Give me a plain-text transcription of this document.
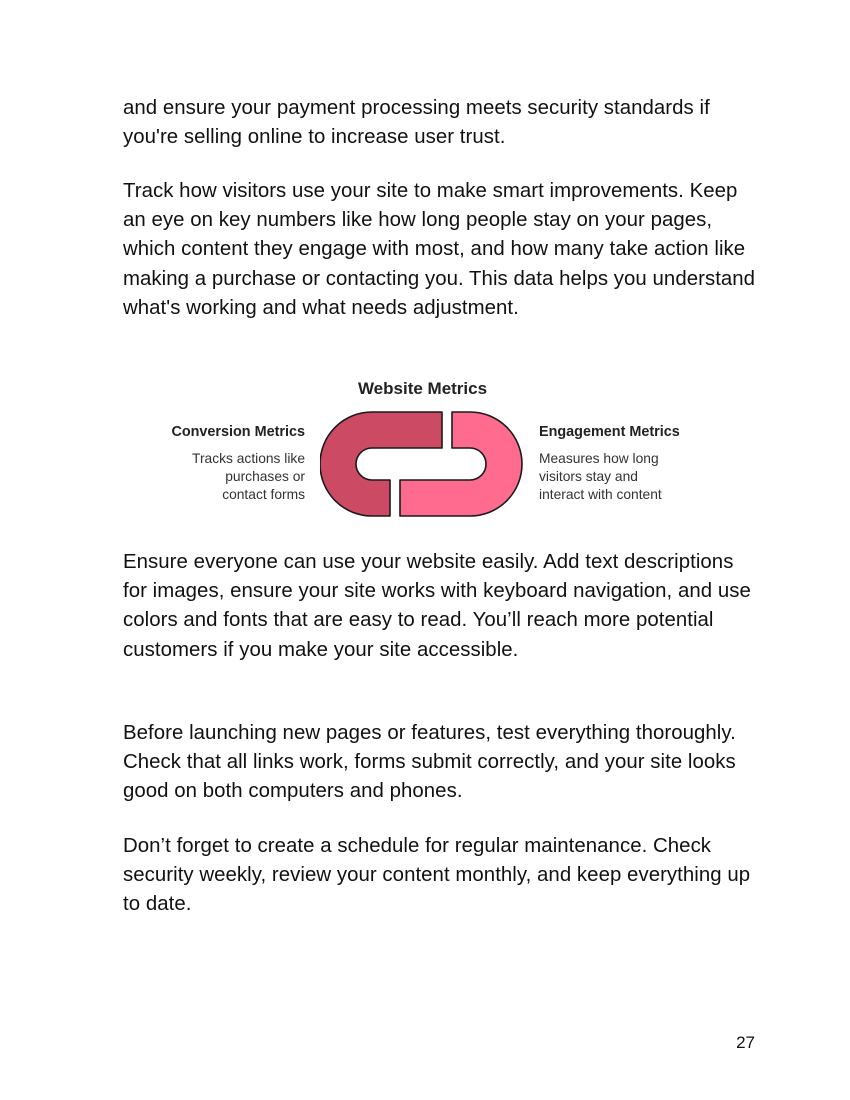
and ensure your payment processing meets security standards if you're selling online to increase user trust.

Track how visitors use your site to make smart improvements. Keep an eye on key numbers like how long people stay on your pages, which content they engage with most, and how many take action like making a purchase or contacting you. This data helps you understand what's working and what needs adjustment.

Website Metrics
Conversion Metrics
Tracks actions like
purchases or
contact forms
Engagement Metrics
Measures how long
visitors stay and
interact with content

Ensure everyone can use your website easily. Add text descriptions for images, ensure your site works with keyboard navigation, and use colors and fonts that are easy to read. You’ll reach more potential customers if you make your site accessible.

Before launching new pages or features, test everything thoroughly. Check that all links work, forms submit correctly, and your site looks good on both computers and phones.

Don’t forget to create a schedule for regular maintenance. Check security weekly, review your content monthly, and keep everything up to date.

27
